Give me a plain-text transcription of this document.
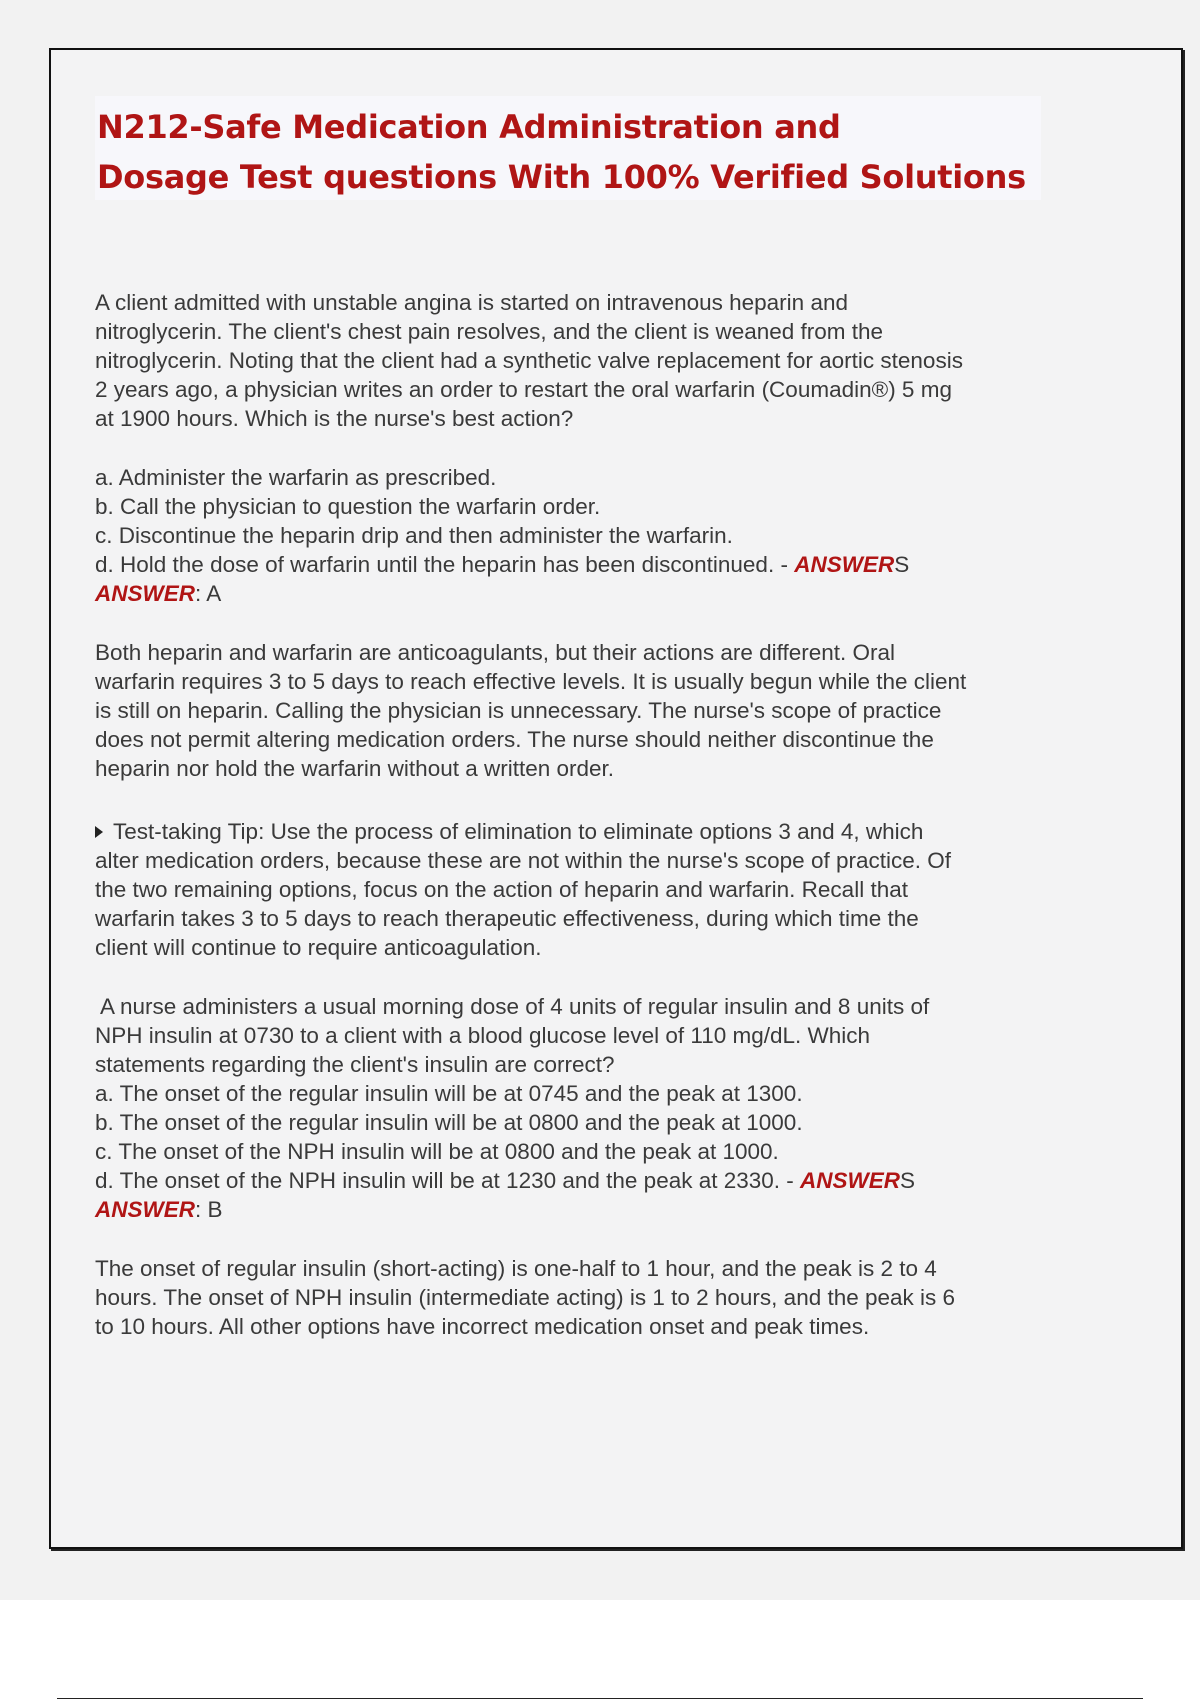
N212-Safe Medication Administration and
Dosage Test questions With 100% Verified Solutions

A client admitted with unstable angina is started on intravenous heparin and

nitroglycerin. The client's chest pain resolves, and the client is weaned from the

nitroglycerin. Noting that the client had a synthetic valve replacement for aortic stenosis

2 years ago, a physician writes an order to restart the oral warfarin (Coumadin®) 5 mg

at 1900 hours. Which is the nurse's best action?

a. Administer the warfarin as prescribed.

b. Call the physician to question the warfarin order.

c. Discontinue the heparin drip and then administer the warfarin.

d. Hold the dose of warfarin until the heparin has been discontinued. - ANSWERS

ANSWER: A

Both heparin and warfarin are anticoagulants, but their actions are different. Oral

warfarin requires 3 to 5 days to reach effective levels. It is usually begun while the client

is still on heparin. Calling the physician is unnecessary. The nurse's scope of practice

does not permit altering medication orders. The nurse should neither discontinue the

heparin nor hold the warfarin without a written order.

Test-taking Tip: Use the process of elimination to eliminate options 3 and 4, which

alter medication orders, because these are not within the nurse's scope of practice. Of

the two remaining options, focus on the action of heparin and warfarin. Recall that

warfarin takes 3 to 5 days to reach therapeutic effectiveness, during which time the

client will continue to require anticoagulation.

A nurse administers a usual morning dose of 4 units of regular insulin and 8 units of

NPH insulin at 0730 to a client with a blood glucose level of 110 mg/dL. Which

statements regarding the client's insulin are correct?

a. The onset of the regular insulin will be at 0745 and the peak at 1300.

b. The onset of the regular insulin will be at 0800 and the peak at 1000.

c. The onset of the NPH insulin will be at 0800 and the peak at 1000.

d. The onset of the NPH insulin will be at 1230 and the peak at 2330. - ANSWERS

ANSWER: B

The onset of regular insulin (short-acting) is one-half to 1 hour, and the peak is 2 to 4

hours. The onset of NPH insulin (intermediate acting) is 1 to 2 hours, and the peak is 6

to 10 hours. All other options have incorrect medication onset and peak times.
